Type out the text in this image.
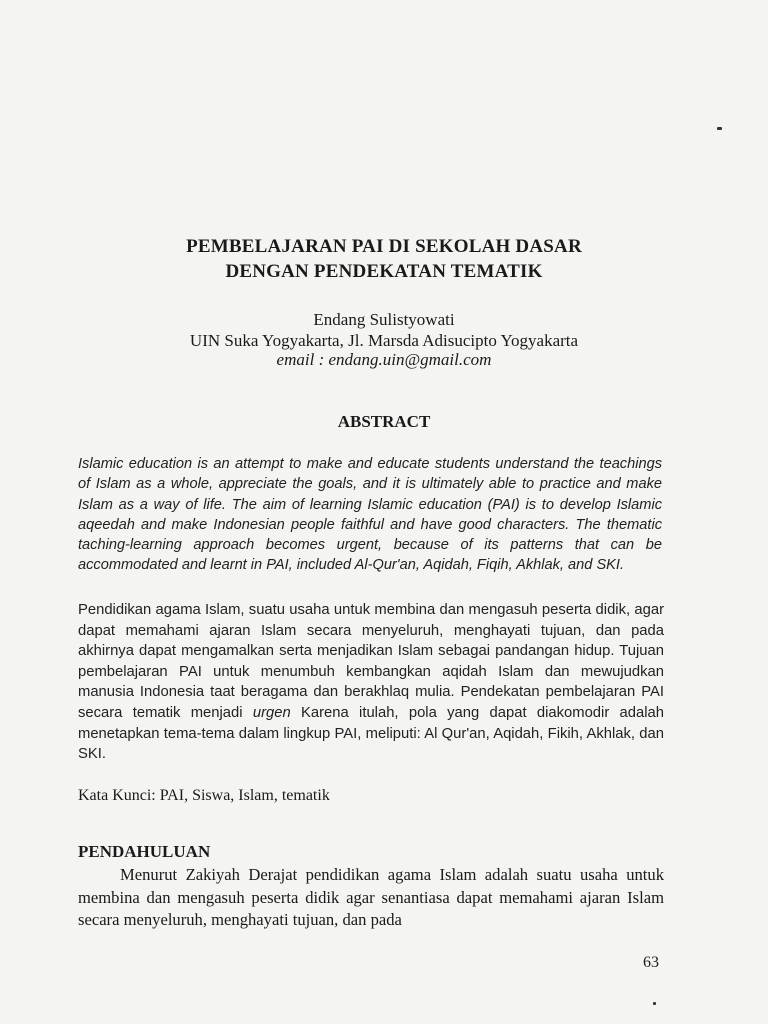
PEMBELAJARAN PAI DI SEKOLAH DASAR
DENGAN PENDEKATAN TEMATIK
Endang Sulistyowati
UIN Suka Yogyakarta, Jl. Marsda Adisucipto Yogyakarta
email : endang.uin@gmail.com
ABSTRACT
Islamic education is an attempt to make and educate students understand the teachings of Islam as a whole, appreciate the goals, and it is ultimately able to practice and make Islam as a way of life. The aim of learning Islamic education (PAI) is to develop Islamic aqeedah and make Indonesian people faithful and have good characters. The thematic taching-learning approach becomes urgent, because of its patterns that can be accommodated and learnt in PAI, included Al-Qur'an, Aqidah, Fiqih, Akhlak, and SKI.
Pendidikan agama Islam, suatu usaha untuk membina dan mengasuh peserta didik, agar dapat memahami ajaran Islam secara menyeluruh, menghayati tujuan, dan pada akhirnya dapat mengamalkan serta menjadikan Islam sebagai pandangan hidup. Tujuan pembelajaran PAI untuk menumbuh kembangkan aqidah Islam dan mewujudkan manusia Indonesia taat beragama dan berakhlaq mulia. Pendekatan pembelajaran PAI secara tematik menjadi urgen Karena itulah, pola yang dapat diakomodir adalah menetapkan tema-tema dalam lingkup PAI, meliputi: Al Qur'an, Aqidah, Fikih, Akhlak, dan SKI.
Kata Kunci: PAI, Siswa, Islam, tematik
PENDAHULUAN
Menurut Zakiyah Derajat pendidikan agama Islam adalah suatu usaha untuk membina dan mengasuh peserta didik agar senantiasa dapat memahami ajaran Islam secara menyeluruh, menghayati tujuan, dan pada
63
